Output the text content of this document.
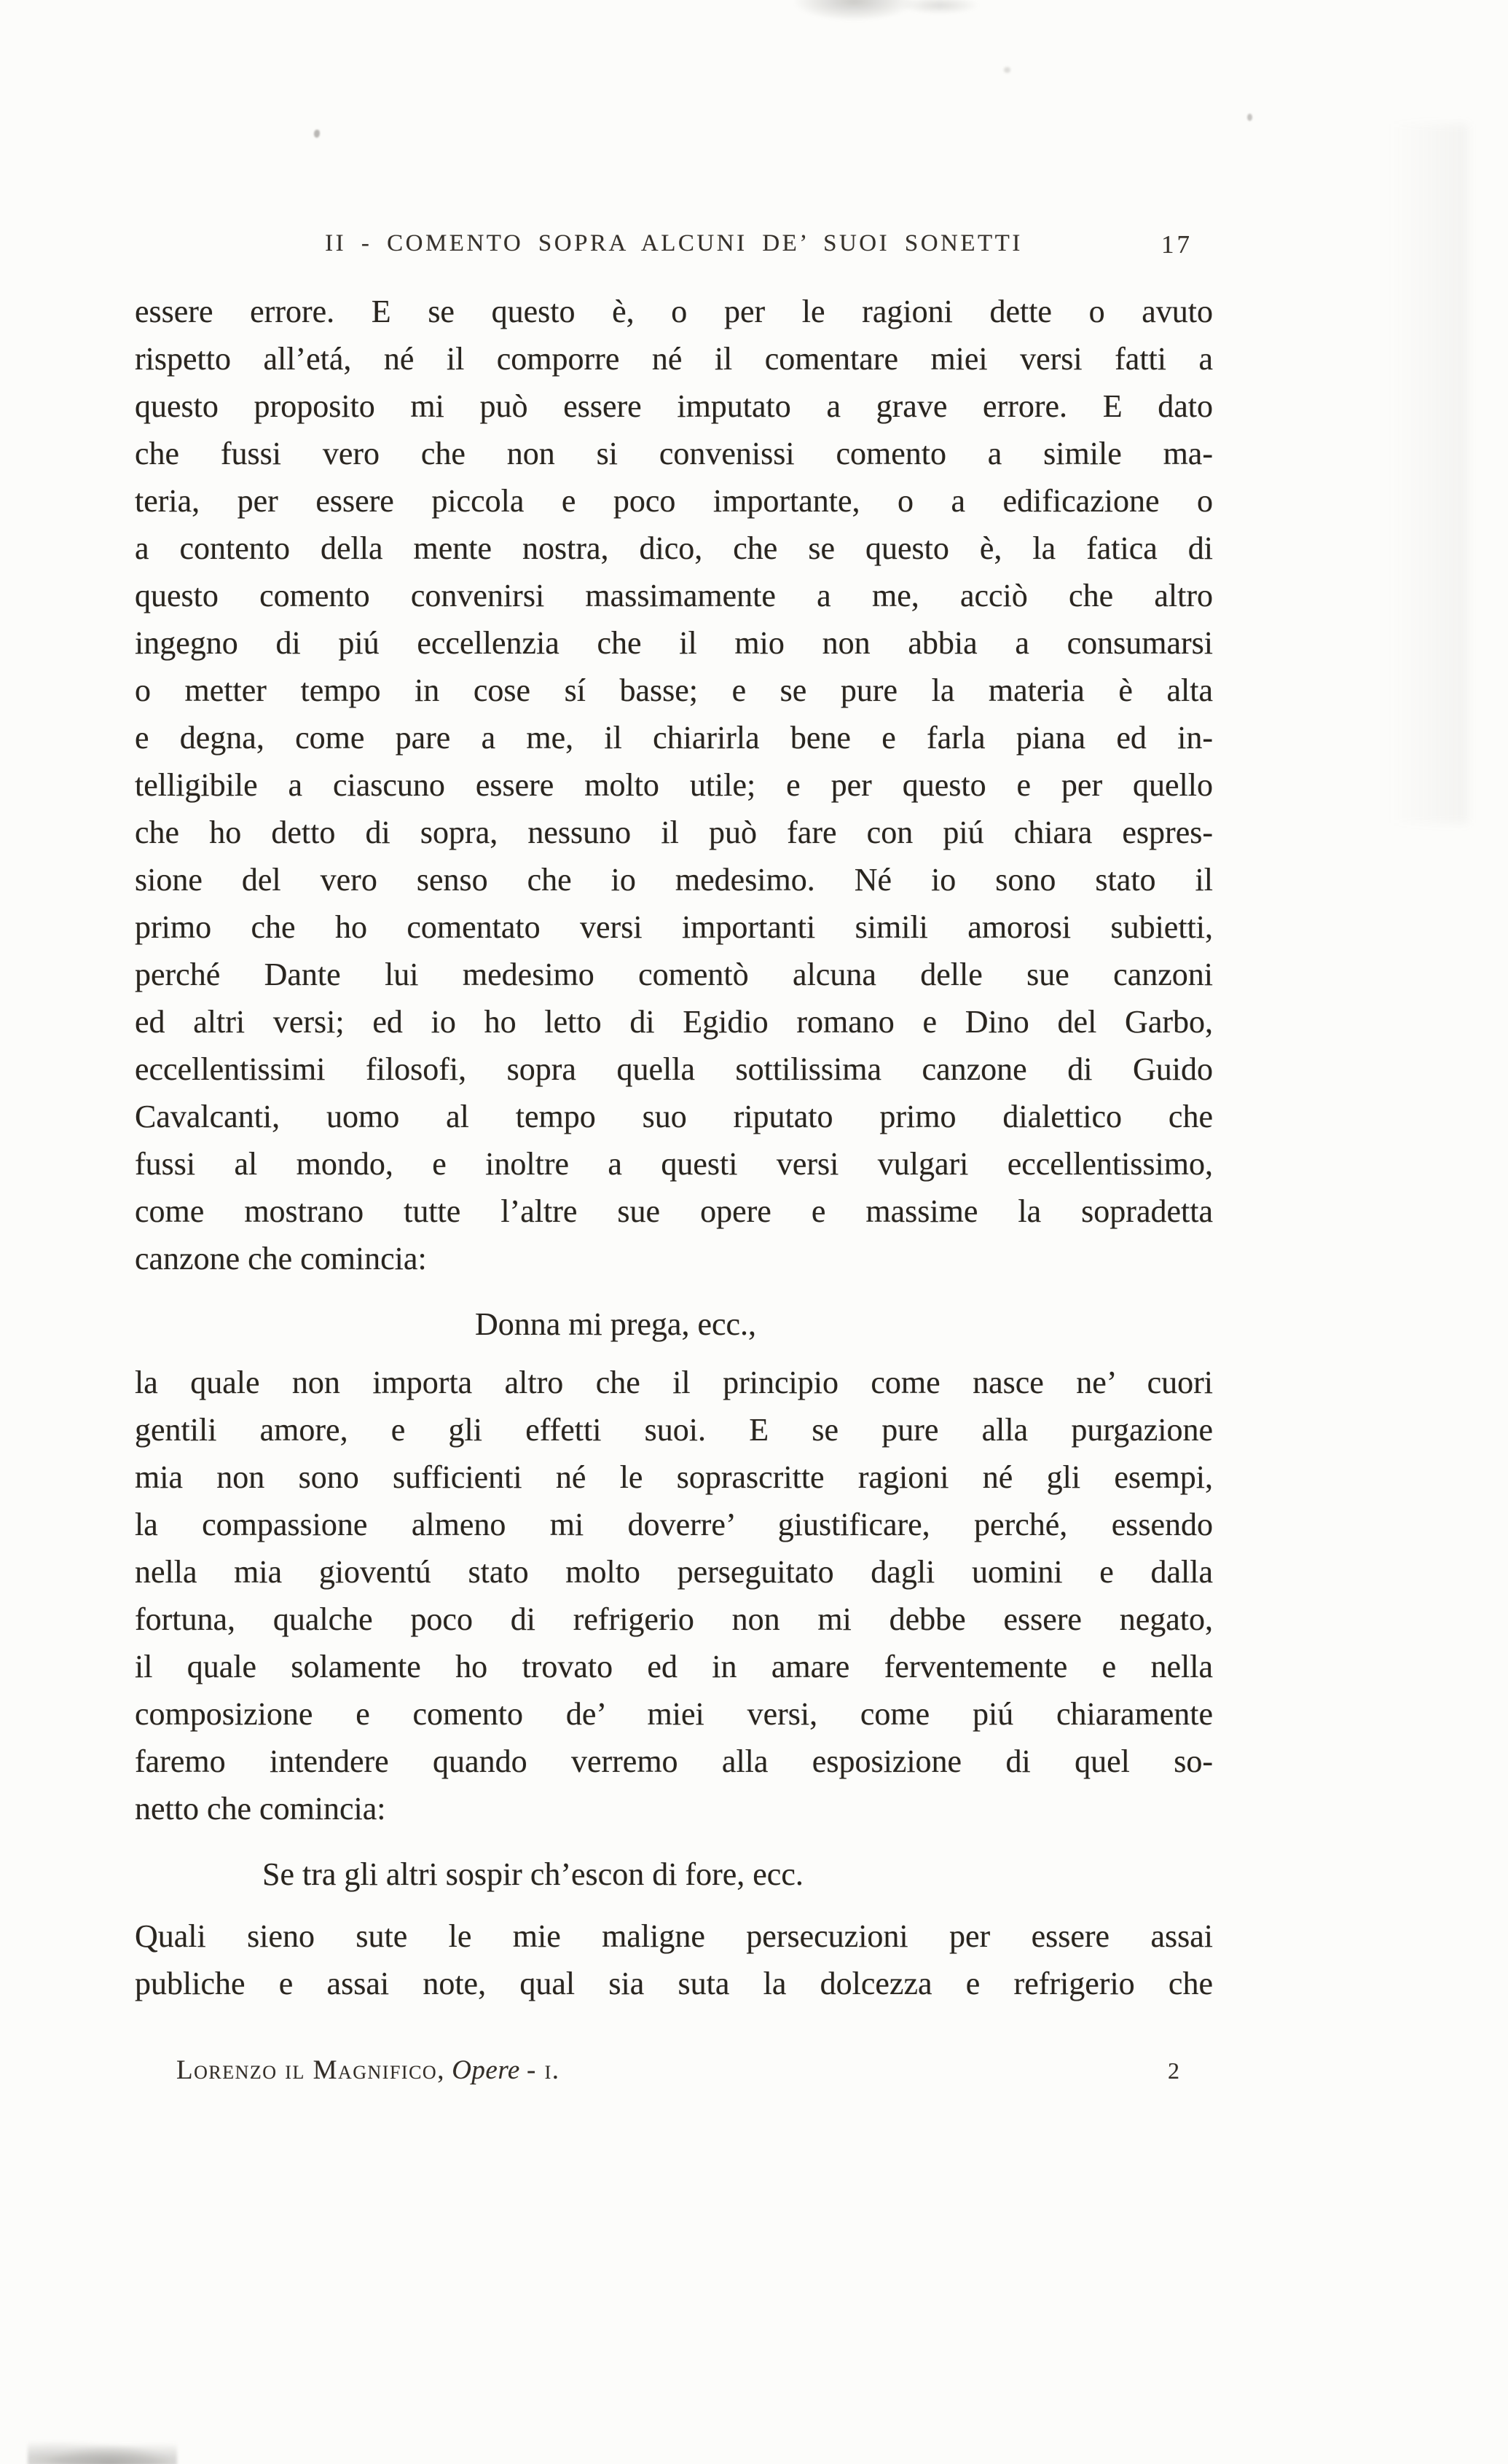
II - COMENTO SOPRA ALCUNI DE’ SUOI SONETTI	17
essere errore. E se questo è, o per le ragioni dette o avuto
rispetto all’etá, né il comporre né il comentare miei versi fatti a
questo proposito mi può essere imputato a grave errore. E dato
che fussi vero che non si convenissi comento a simile ma-
teria, per essere piccola e poco importante, o a edificazione o
a contento della mente nostra, dico, che se questo è, la fatica di
questo comento convenirsi massimamente a me, acciò che altro
ingegno di piú eccellenzia che il mio non abbia a consumarsi
o metter tempo in cose sí basse; e se pure la materia è alta
e degna, come pare a me, il chiarirla bene e farla piana ed in-
telligibile a ciascuno essere molto utile; e per questo e per quello
che ho detto di sopra, nessuno il può fare con piú chiara espres-
sione del vero senso che io medesimo. Né io sono stato il
primo che ho comentato versi importanti simili amorosi subietti,
perché Dante lui medesimo comentò alcuna delle sue canzoni
ed altri versi; ed io ho letto di Egidio romano e Dino del Garbo,
eccellentissimi filosofi, sopra quella sottilissima canzone di Guido
Cavalcanti, uomo al tempo suo riputato primo dialettico che
fussi al mondo, e inoltre a questi versi vulgari eccellentissimo,
come mostrano tutte l’altre sue opere e massime la sopradetta
canzone che comincia:
Donna mi prega, ecc.,
la quale non importa altro che il principio come nasce ne’ cuori
gentili amore, e gli effetti suoi. E se pure alla purgazione
mia non sono sufficienti né le soprascritte ragioni né gli esempi,
la compassione almeno mi doverre’ giustificare, perché, essendo
nella mia gioventú stato molto perseguitato dagli uomini e dalla
fortuna, qualche poco di refrigerio non mi debbe essere negato,
il quale solamente ho trovato ed in amare ferventemente e nella
composizione e comento de’ miei versi, come piú chiaramente
faremo intendere quando verremo alla esposizione di quel so-
netto che comincia:
Se tra gli altri sospir ch’escon di fore, ecc.
Quali sieno sute le mie maligne persecuzioni per essere assai
publiche e assai note, qual sia suta la dolcezza e refrigerio che
Lorenzo il Magnifico, Opere - i.	2
